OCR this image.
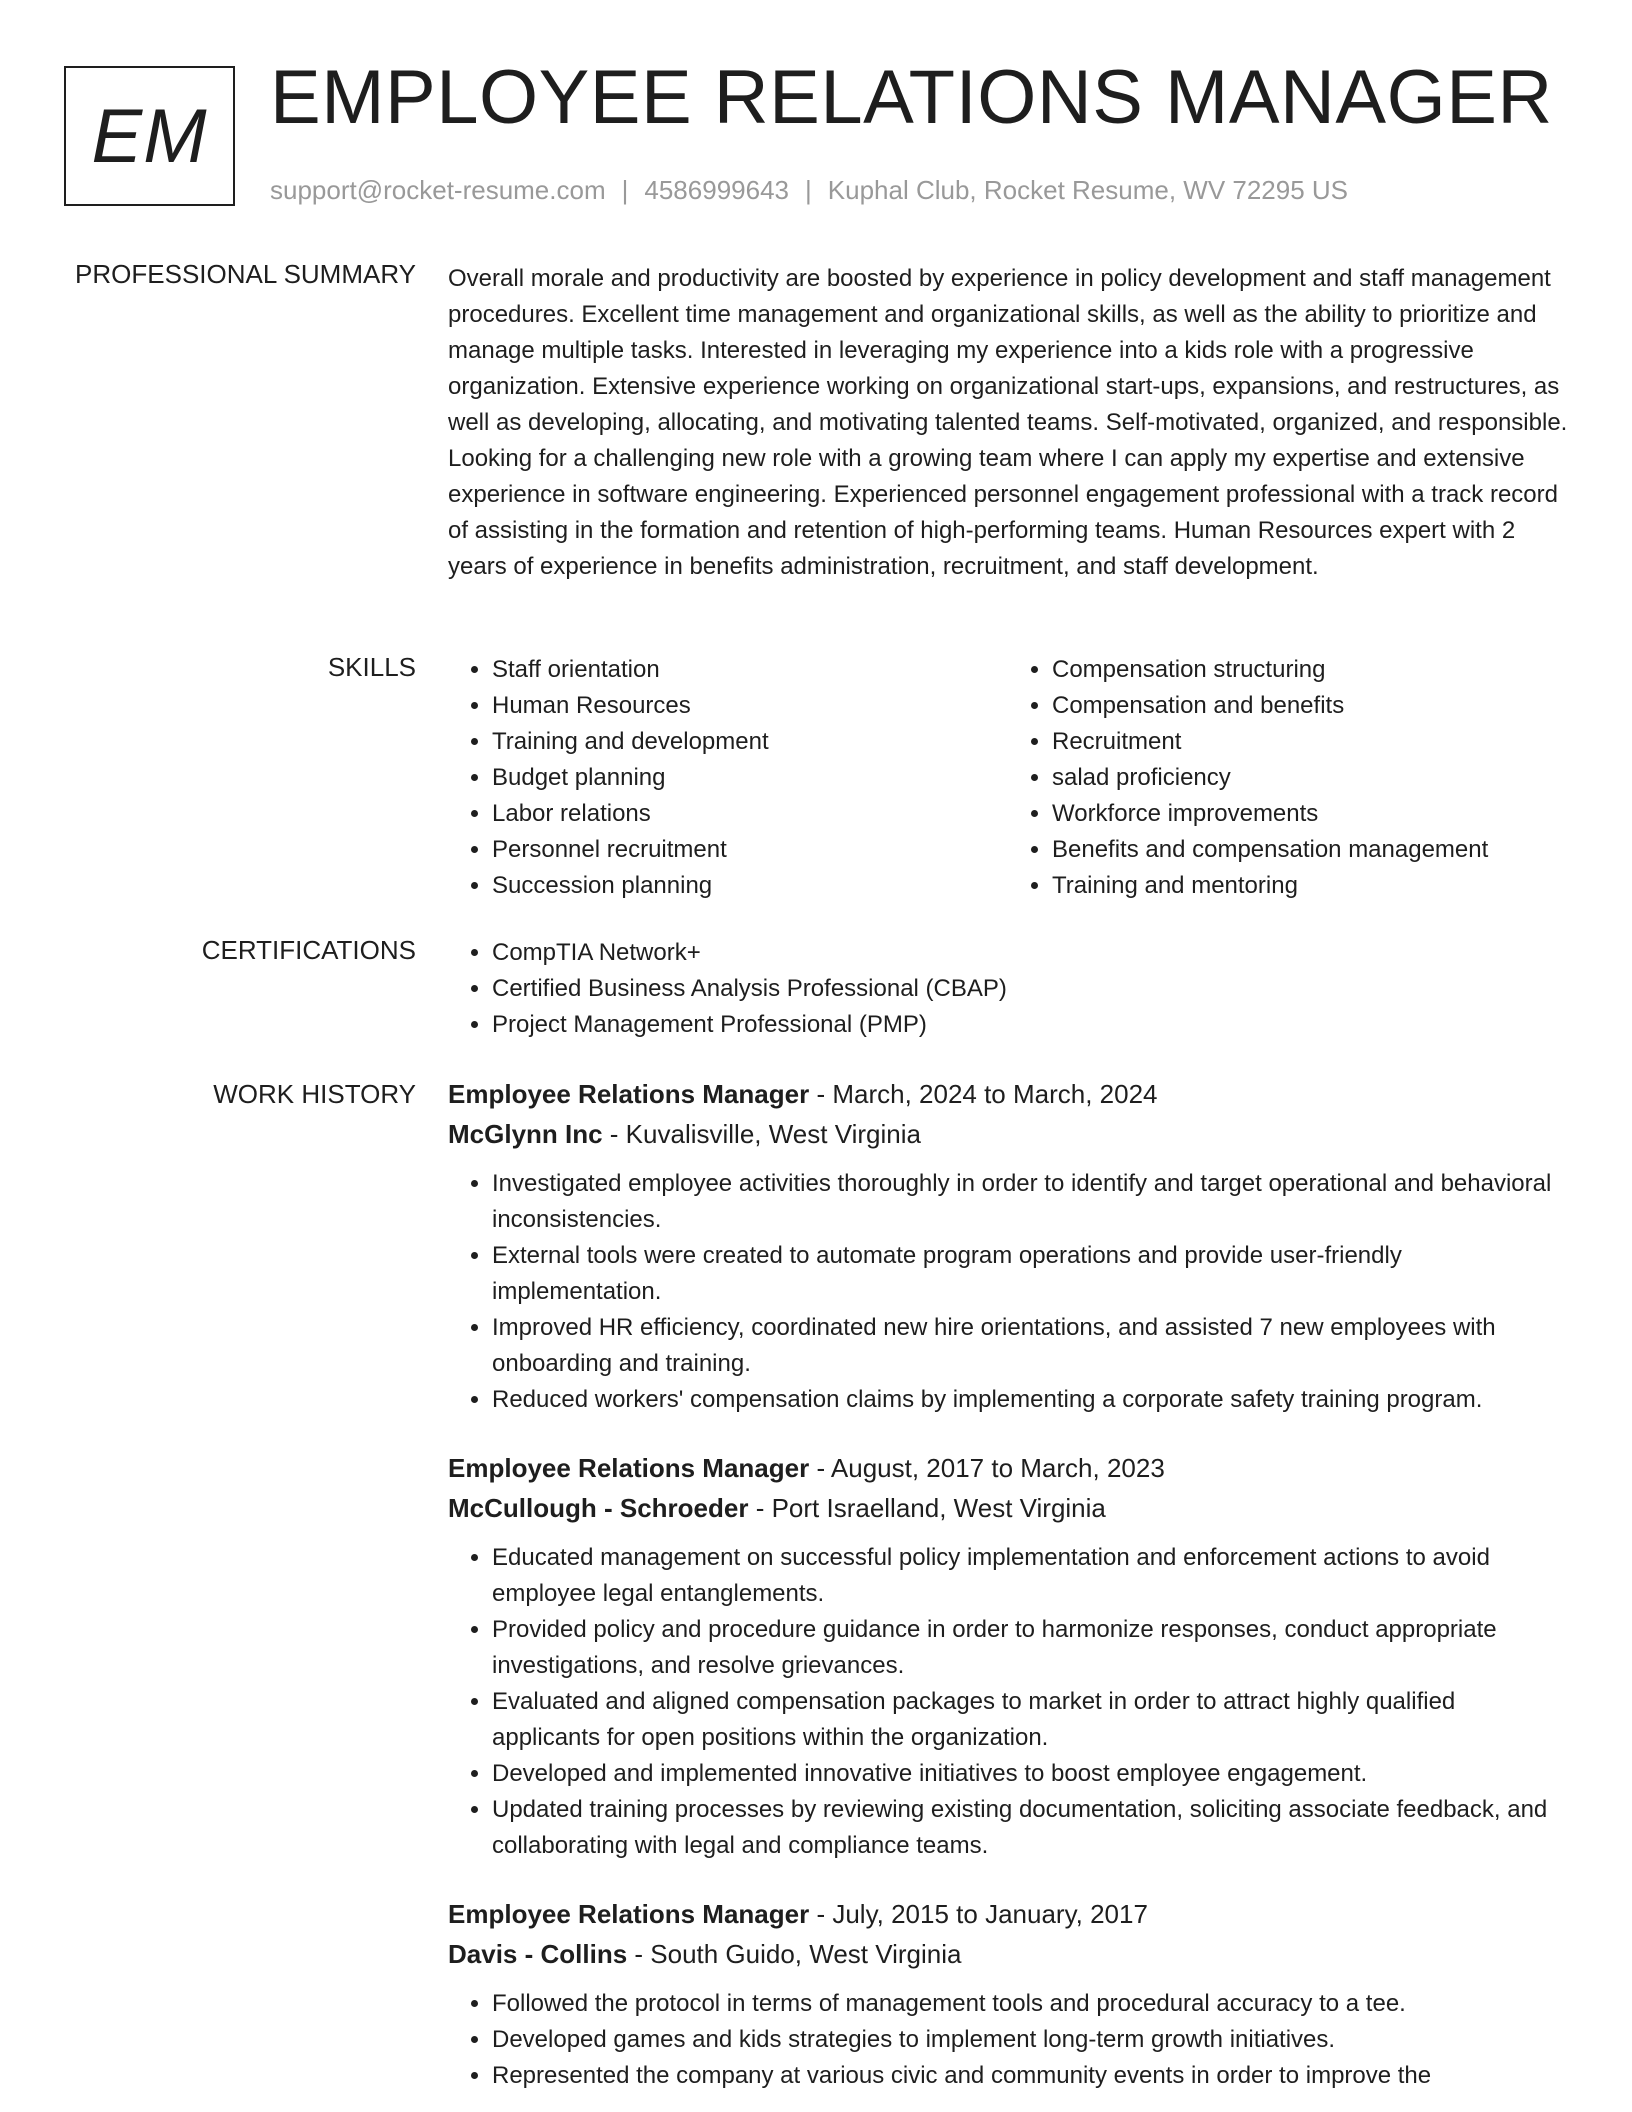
EM EMPLOYEE RELATIONS MANAGER
support@rocket-resume.com | 4586999643 | Kuphal Club, Rocket Resume, WV 72295 US
PROFESSIONAL SUMMARY Overall morale and productivity are boosted by experience in policy development and staff management procedures. Excellent time management and organizational skills, as well as the ability to prioritize and manage multiple tasks. Interested in leveraging my experience into a kids role with a progressive organization. Extensive experience working on organizational start-ups, expansions, and restructures, as well as developing, allocating, and motivating talented teams. Self-motivated, organized, and responsible. Looking for a challenging new role with a growing team where I can apply my expertise and extensive experience in software engineering. Experienced personnel engagement professional with a track record of assisting in the formation and retention of high-performing teams. Human Resources expert with 2 years of experience in benefits administration, recruitment, and staff development.

SKILLS	• Staff orientation
• Human Resources
• Training and development
• Budget planning
• Labor relations
• Personnel recruitment
• Succession planning
• Compensation structuring
• Compensation and benefits
• Recruitment
• salad proficiency
• Workforce improvements
• Benefits and compensation management
• Training and mentoring
CERTIFICATIONS	• CompTIA Network+
• Certified Business Analysis Professional (CBAP)
• Project Management Professional (PMP)
WORK HISTORY Employee Relations Manager - March, 2024 to March, 2024
McGlynn Inc - Kuvalisville, West Virginia
• Investigated employee activities thoroughly in order to identify and target operational and behavioral inconsistencies.
• External tools were created to automate program operations and provide user-friendly implementation.
• Improved HR efficiency, coordinated new hire orientations, and assisted 7 new employees with onboarding and training.
• Reduced workers' compensation claims by implementing a corporate safety training program.
Employee Relations Manager - August, 2017 to March, 2023
McCullough - Schroeder - Port Israelland, West Virginia
• Educated management on successful policy implementation and enforcement actions to avoid employee legal entanglements.
• Provided policy and procedure guidance in order to harmonize responses, conduct appropriate investigations, and resolve grievances.
• Evaluated and aligned compensation packages to market in order to attract highly qualified applicants for open positions within the organization.
• Developed and implemented innovative initiatives to boost employee engagement.
• Updated training processes by reviewing existing documentation, soliciting associate feedback, and collaborating with legal and compliance teams.
Employee Relations Manager - July, 2015 to January, 2017
Davis - Collins - South Guido, West Virginia
• Followed the protocol in terms of management tools and procedural accuracy to a tee.
• Developed games and kids strategies to implement long-term growth initiatives.
• Represented the company at various civic and community events in order to improve the
